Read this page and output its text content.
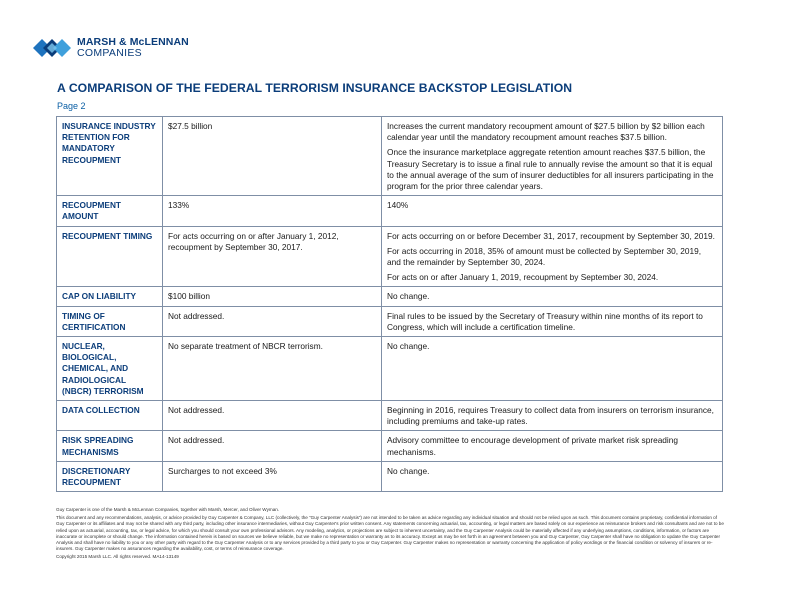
MARSH & McLENNAN
COMPANIES
A COMPARISON OF THE FEDERAL TERRORISM INSURANCE BACKSTOP LEGISLATION
Page 2
INSURANCE INDUSTRY RETENTION FOR MANDATORY RECOUPMENT	$27.5 billion	Increases the current mandatory recoupment amount of $27.5 billion by $2 billion each calendar year until the mandatory recoupment amount reaches $37.5 billion.

Once the insurance marketplace aggregate retention amount reaches $37.5 billion, the Treasury Secretary is to issue a final rule to annually revise the amount so that it is equal to the annual average of the sum of insurer deductibles for all insurers participating in the program for the prior three calendar years.

RECOUPMENT AMOUNT	133%	140%

RECOUPMENT TIMING	For acts occurring on or after January 1, 2012, recoupment by September 30, 2017.	For acts occurring on or before December 31, 2017, recoupment by September 30, 2019.

For acts occurring in 2018, 35% of amount must be collected by September 30, 2019, and the remainder by September 30, 2024.

For acts on or after January 1, 2019, recoupment by September 30, 2024.

CAP ON LIABILITY	$100 billion	No change.

TIMING OF CERTIFICATION	Not addressed.	Final rules to be issued by the Secretary of Treasury within nine months of its report to Congress, which will include a certification timeline.

NUCLEAR, BIOLOGICAL, CHEMICAL, AND RADIOLOGICAL (NBCR) TERRORISM	No separate treatment of NBCR terrorism.	No change.

DATA COLLECTION	Not addressed.	Beginning in 2016, requires Treasury to collect data from insurers on terrorism insurance, including premiums and take-up rates.

RISK SPREADING MECHANISMS	Not addressed.	Advisory committee to encourage development of private market risk spreading mechanisms.

DISCRETIONARY RECOUPMENT	Surcharges to not exceed 3%	No change.

Guy Carpenter is one of the Marsh & McLennan Companies, together with Marsh, Mercer, and Oliver Wyman.

This document and any recommendations, analysis, or advice provided by Guy Carpenter & Company, LLC (collectively, the “Guy Carpenter Analysis”) are not intended to be taken as advice regarding any individual situation and should not be relied upon as such. This document contains proprietary, confidential information of Guy Carpenter or its affiliates and may not be shared with any third party, including other insurance intermediaries, without Guy Carpenter's prior written consent. Any statements concerning actuarial, tax, accounting, or legal matters are based solely on our experience as reinsurance brokers and risk consultants and are not to be relied upon as actuarial, accounting, tax, or legal advice, for which you should consult your own professional advisors. Any modeling, analytics, or projections are subject to inherent uncertainty, and the Guy Carpenter Analysis could be materially affected if any underlying assumptions, conditions, information, or factors are inaccurate or incomplete or should change. The information contained herein is based on sources we believe reliable, but we make no representation or warranty as to its accuracy. Except as may be set forth in an agreement between you and Guy Carpenter, Guy Carpenter shall have no obligation to update the Guy Carpenter Analysis and shall have no liability to you or any other party with regard to the Guy Carpenter Analysis or to any services provided by a third party to you or Guy Carpenter. Guy Carpenter makes no representation or warranty concerning the application of policy wordings or the financial condition or solvency of insurers or re-insurers. Guy Carpenter makes no assurances regarding the availability, cost, or terms of reinsurance coverage.

Copyright 2015 Marsh LLC. All rights reserved. MA14-13149
